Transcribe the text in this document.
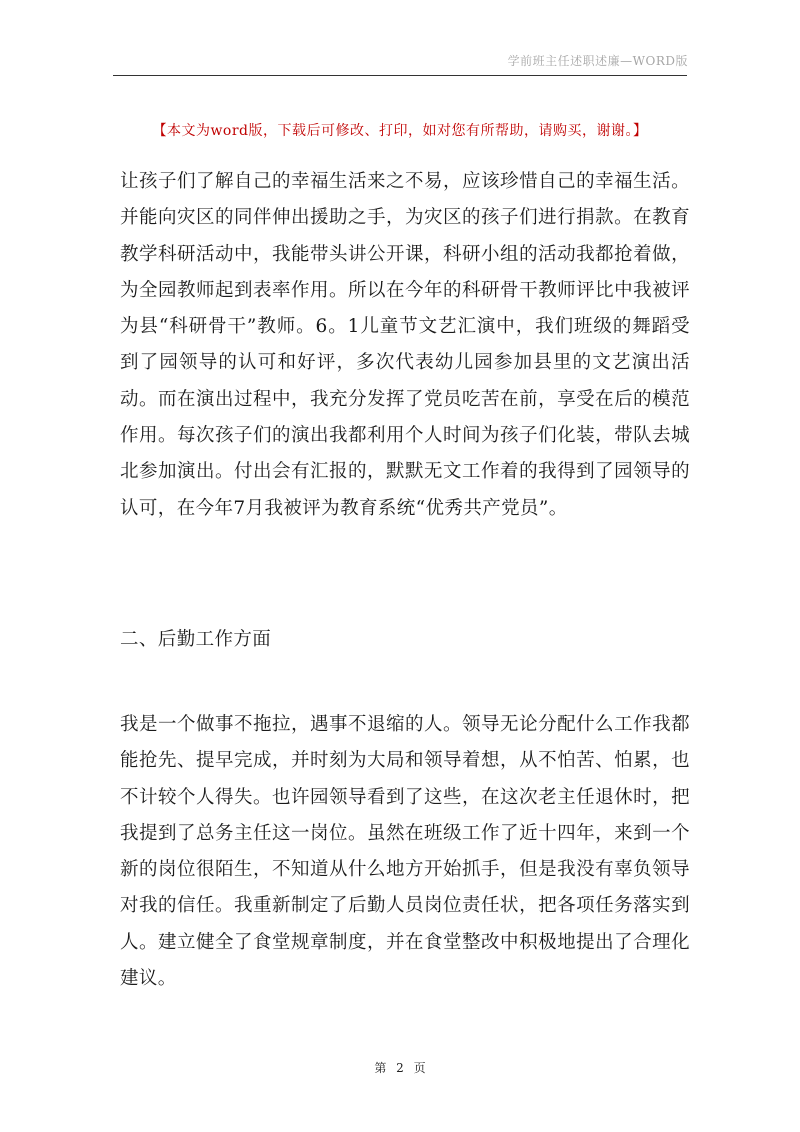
学前班主任述职述廉—WORD版
【本文为word版，下载后可修改、打印，如对您有所帮助，请购买，谢谢。】
让孩子们了解自己的幸福生活来之不易，应该珍惜自己的幸福生活。并能向灾区的同伴伸出援助之手，为灾区的孩子们进行捐款。在教育教学科研活动中，我能带头讲公开课，科研小组的活动我都抢着做，为全园教师起到表率作用。所以在今年的科研骨干教师评比中我被评为县“科研骨干”教师。6。1儿童节文艺汇演中，我们班级的舞蹈受到了园领导的认可和好评，多次代表幼儿园参加县里的文艺演出活动。而在演出过程中，我充分发挥了党员吃苦在前，享受在后的模范作用。每次孩子们的演出我都利用个人时间为孩子们化装，带队去城北参加演出。付出会有汇报的，默默无文工作着的我得到了园领导的认可，在今年7月我被评为教育系统“优秀共产党员”。
二、后勤工作方面
我是一个做事不拖拉，遇事不退缩的人。领导无论分配什么工作我都能抢先、提早完成，并时刻为大局和领导着想，从不怕苦、怕累，也不计较个人得失。也许园领导看到了这些，在这次老主任退休时，把我提到了总务主任这一岗位。虽然在班级工作了近十四年，来到一个新的岗位很陌生，不知道从什么地方开始抓手，但是我没有辜负领导对我的信任。我重新制定了后勤人员岗位责任状，把各项任务落实到人。建立健全了食堂规章制度，并在食堂整改中积极地提出了合理化建议。
第 2 页
